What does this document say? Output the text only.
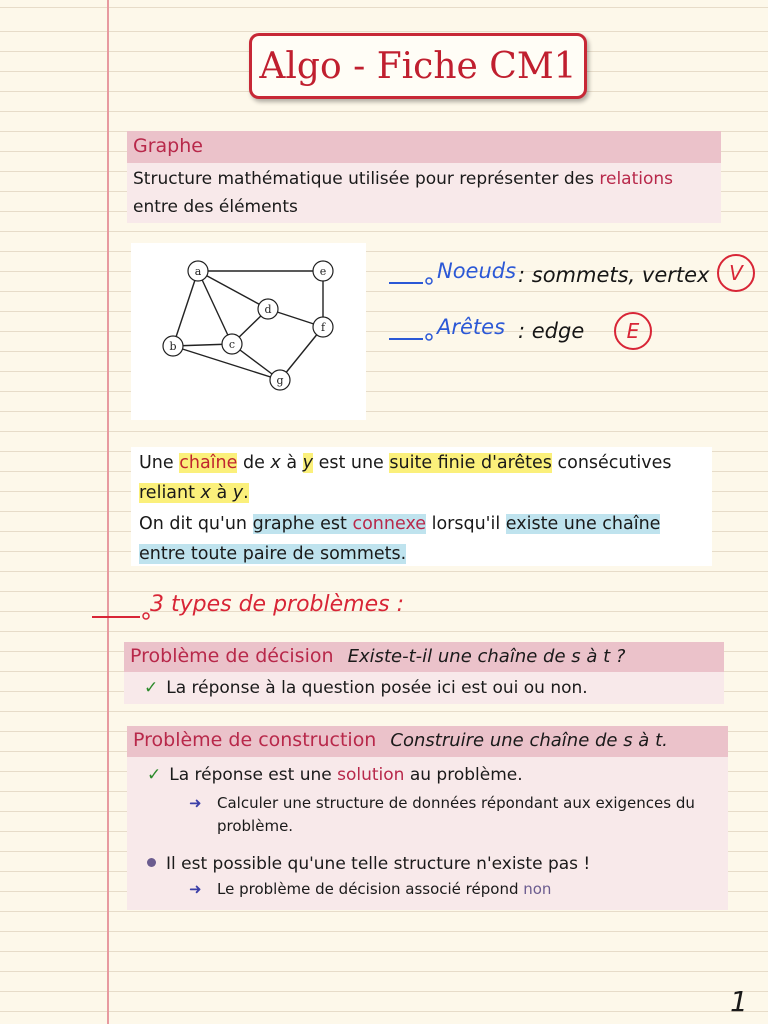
Algo - Fiche CM1
Graphe
Structure mathématique utilisée pour représenter des relations
entre des éléments
a	e
d
f
b	c
g
Noeuds : sommets, vertex V
Arêtes : edge	E

Une chaîne de x à y est une suite finie d'arêtes consécutives
reliant x à y.

On dit qu'un graphe est connexe lorsqu'il existe une chaîne
entre toute paire de sommets.

3 types de problèmes :
Problème de décision Existe-t-il une chaîne de s à t ?
✓ La réponse à la question posée ici est oui ou non.
Problème de construction Construire une chaîne de s à t.
✓ La réponse est une solution au problème.
➜ Calculer une structure de données répondant aux exigences du problème.
Il est possible qu'une telle structure n'existe pas !
➜ Le problème de décision associé répond non
1
